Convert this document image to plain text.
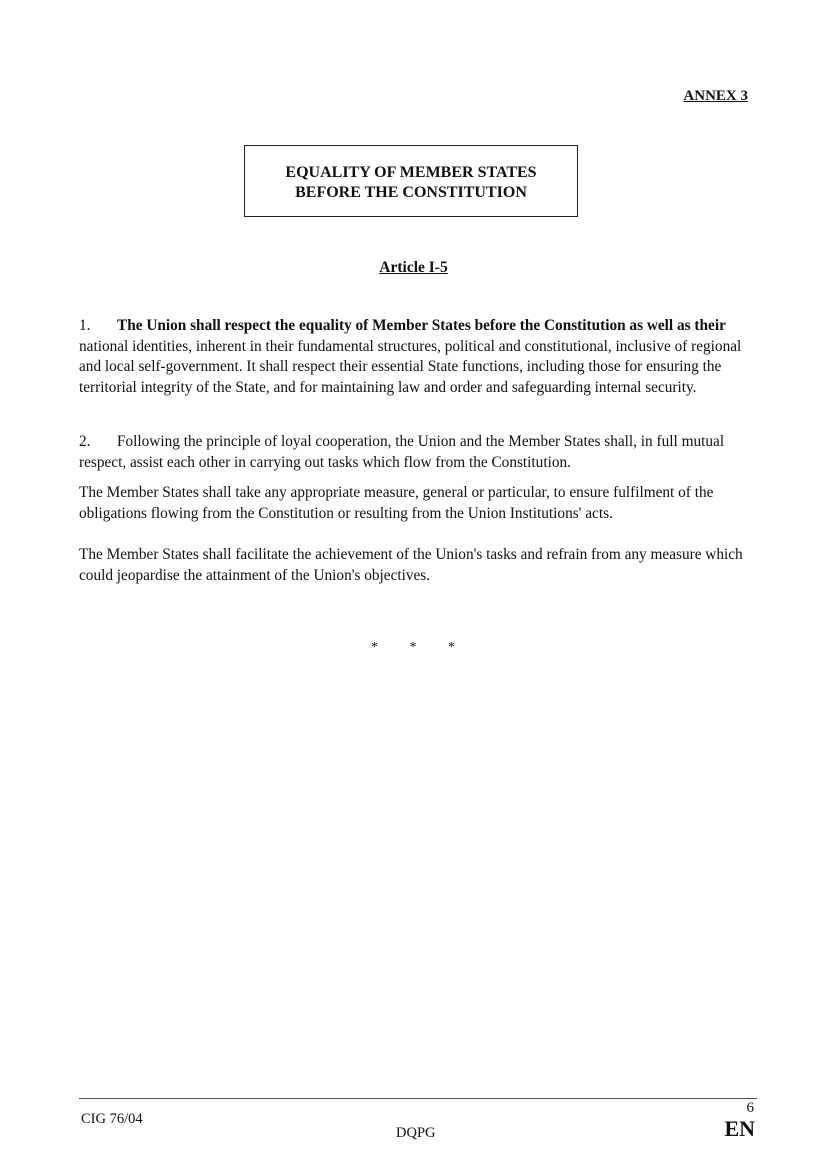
ANNEX 3
EQUALITY OF MEMBER STATES
BEFORE THE CONSTITUTION
Article I-5
1. The Union shall respect the equality of Member States before the Constitution as well as their national identities, inherent in their fundamental structures, political and constitutional, inclusive of regional and local self-government. It shall respect their essential State functions, including those for ensuring the territorial integrity of the State, and for maintaining law and order and safeguarding internal security.
2. Following the principle of loyal cooperation, the Union and the Member States shall, in full mutual respect, assist each other in carrying out tasks which flow from the Constitution.
The Member States shall take any appropriate measure, general or particular, to ensure fulfilment of the obligations flowing from the Constitution or resulting from the Union Institutions' acts.
The Member States shall facilitate the achievement of the Union's tasks and refrain from any measure which could jeopardise the attainment of the Union's objectives.
* * *
CIG 76/04
DQPG
6
EN
